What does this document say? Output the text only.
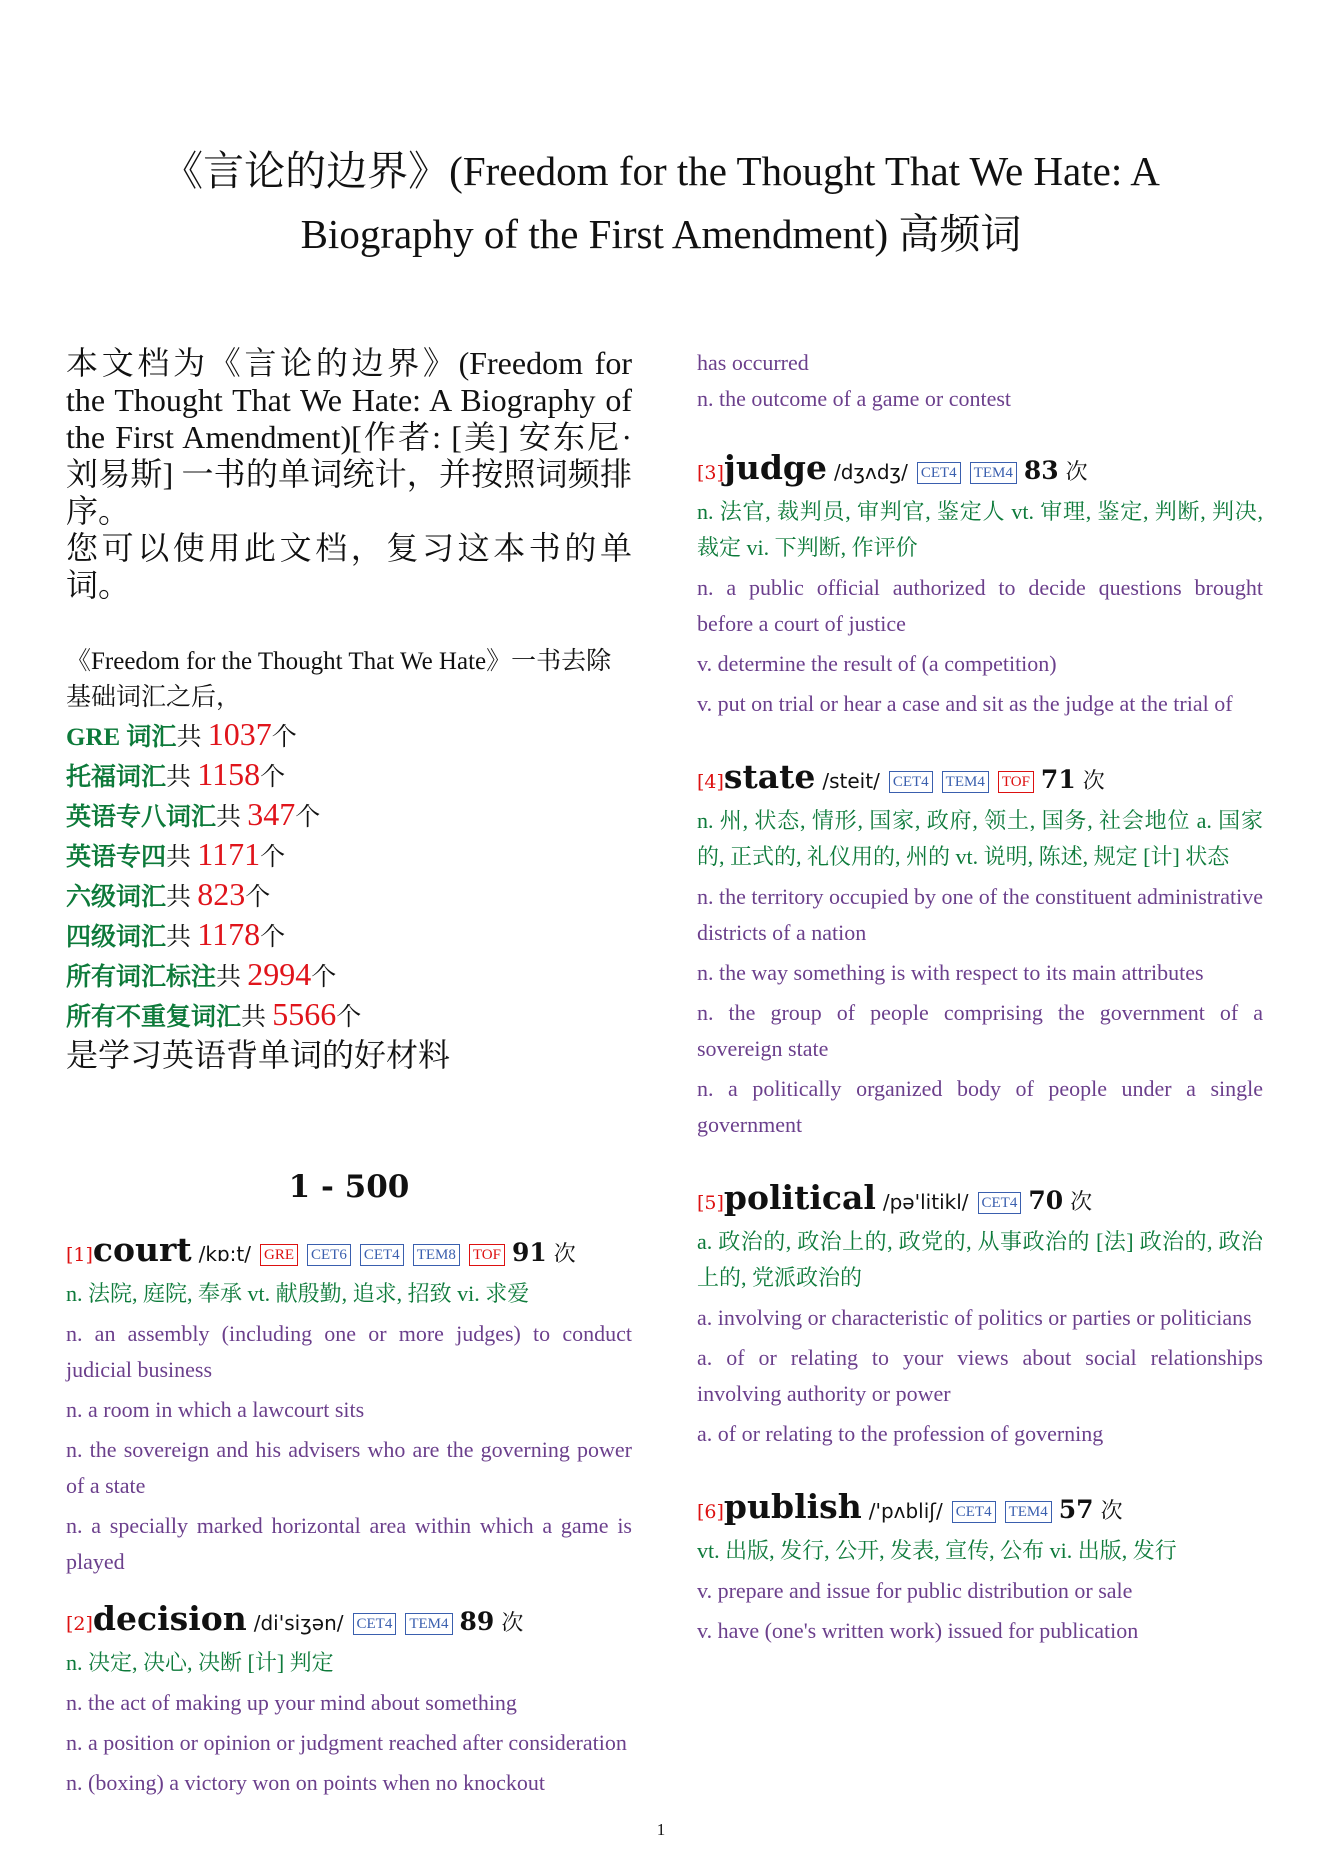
《言论的边界》(Freedom for the Thought That We Hate: A
Biography of the First Amendment) 高频词

本文档为《言论的边界》(Freedom for the Thought That We Hate: A Biography of the First Amendment)[作者: [美] 安东尼·刘易斯] 一书的单词统计，并按照词频排序。
您可以使用此文档，复习这本书的单词。

《Freedom for the Thought That We Hate》一书去除基础词汇之后，
GRE 词汇共 1037个
托福词汇共 1158个
英语专八词汇共 347个
英语专四共 1171个
六级词汇共 823个
四级词汇共 1178个
所有词汇标注共 2994个
所有不重复词汇共 5566个
是学习英语背单词的好材料
1 - 500
[1]court /kɒ:t/ GRE CET6 CET4 TEM8 TOF 91 次
n. 法院, 庭院, 奉承 vt. 献殷勤, 追求, 招致 vi. 求爱
n. an assembly (including one or more judges) to conduct judicial business
n. a room in which a lawcourt sits
n. the sovereign and his advisers who are the governing power of a state
n. a specially marked horizontal area within which a game is played
[2]decision /di'siʒən/ CET4 TEM4 89 次
n. 决定, 决心, 决断 [计] 判定
n. the act of making up your mind about something
n. a position or opinion or judgment reached after consideration
n. (boxing) a victory won on points when no knockout
has occurred
n. the outcome of a game or contest
[3]judge /dʒʌdʒ/ CET4 TEM4 83 次
n. 法官, 裁判员, 审判官, 鉴定人 vt. 审理, 鉴定, 判断, 判决, 裁定 vi. 下判断, 作评价
n. a public official authorized to decide questions brought before a court of justice
v. determine the result of (a competition)
v. put on trial or hear a case and sit as the judge at the trial of
[4]state /steit/ CET4 TEM4 TOF 71 次
n. 州, 状态, 情形, 国家, 政府, 领土, 国务, 社会地位 a. 国家的, 正式的, 礼仪用的, 州的 vt. 说明, 陈述, 规定 [计] 状态
n. the territory occupied by one of the constituent administrative districts of a nation
n. the way something is with respect to its main attributes
n. the group of people comprising the government of a sovereign state
n. a politically organized body of people under a single government
[5]political /pə'litikl/ CET4 70 次
a. 政治的, 政治上的, 政党的, 从事政治的 [法] 政治的, 政治上的, 党派政治的
a. involving or characteristic of politics or parties or politicians
a. of or relating to your views about social relationships involving authority or power
a. of or relating to the profession of governing
[6]publish /'pʌbliʃ/ CET4 TEM4 57 次
vt. 出版, 发行, 公开, 发表, 宣传, 公布 vi. 出版, 发行
v. prepare and issue for public distribution or sale
v. have (one's written work) issued for publication
1
